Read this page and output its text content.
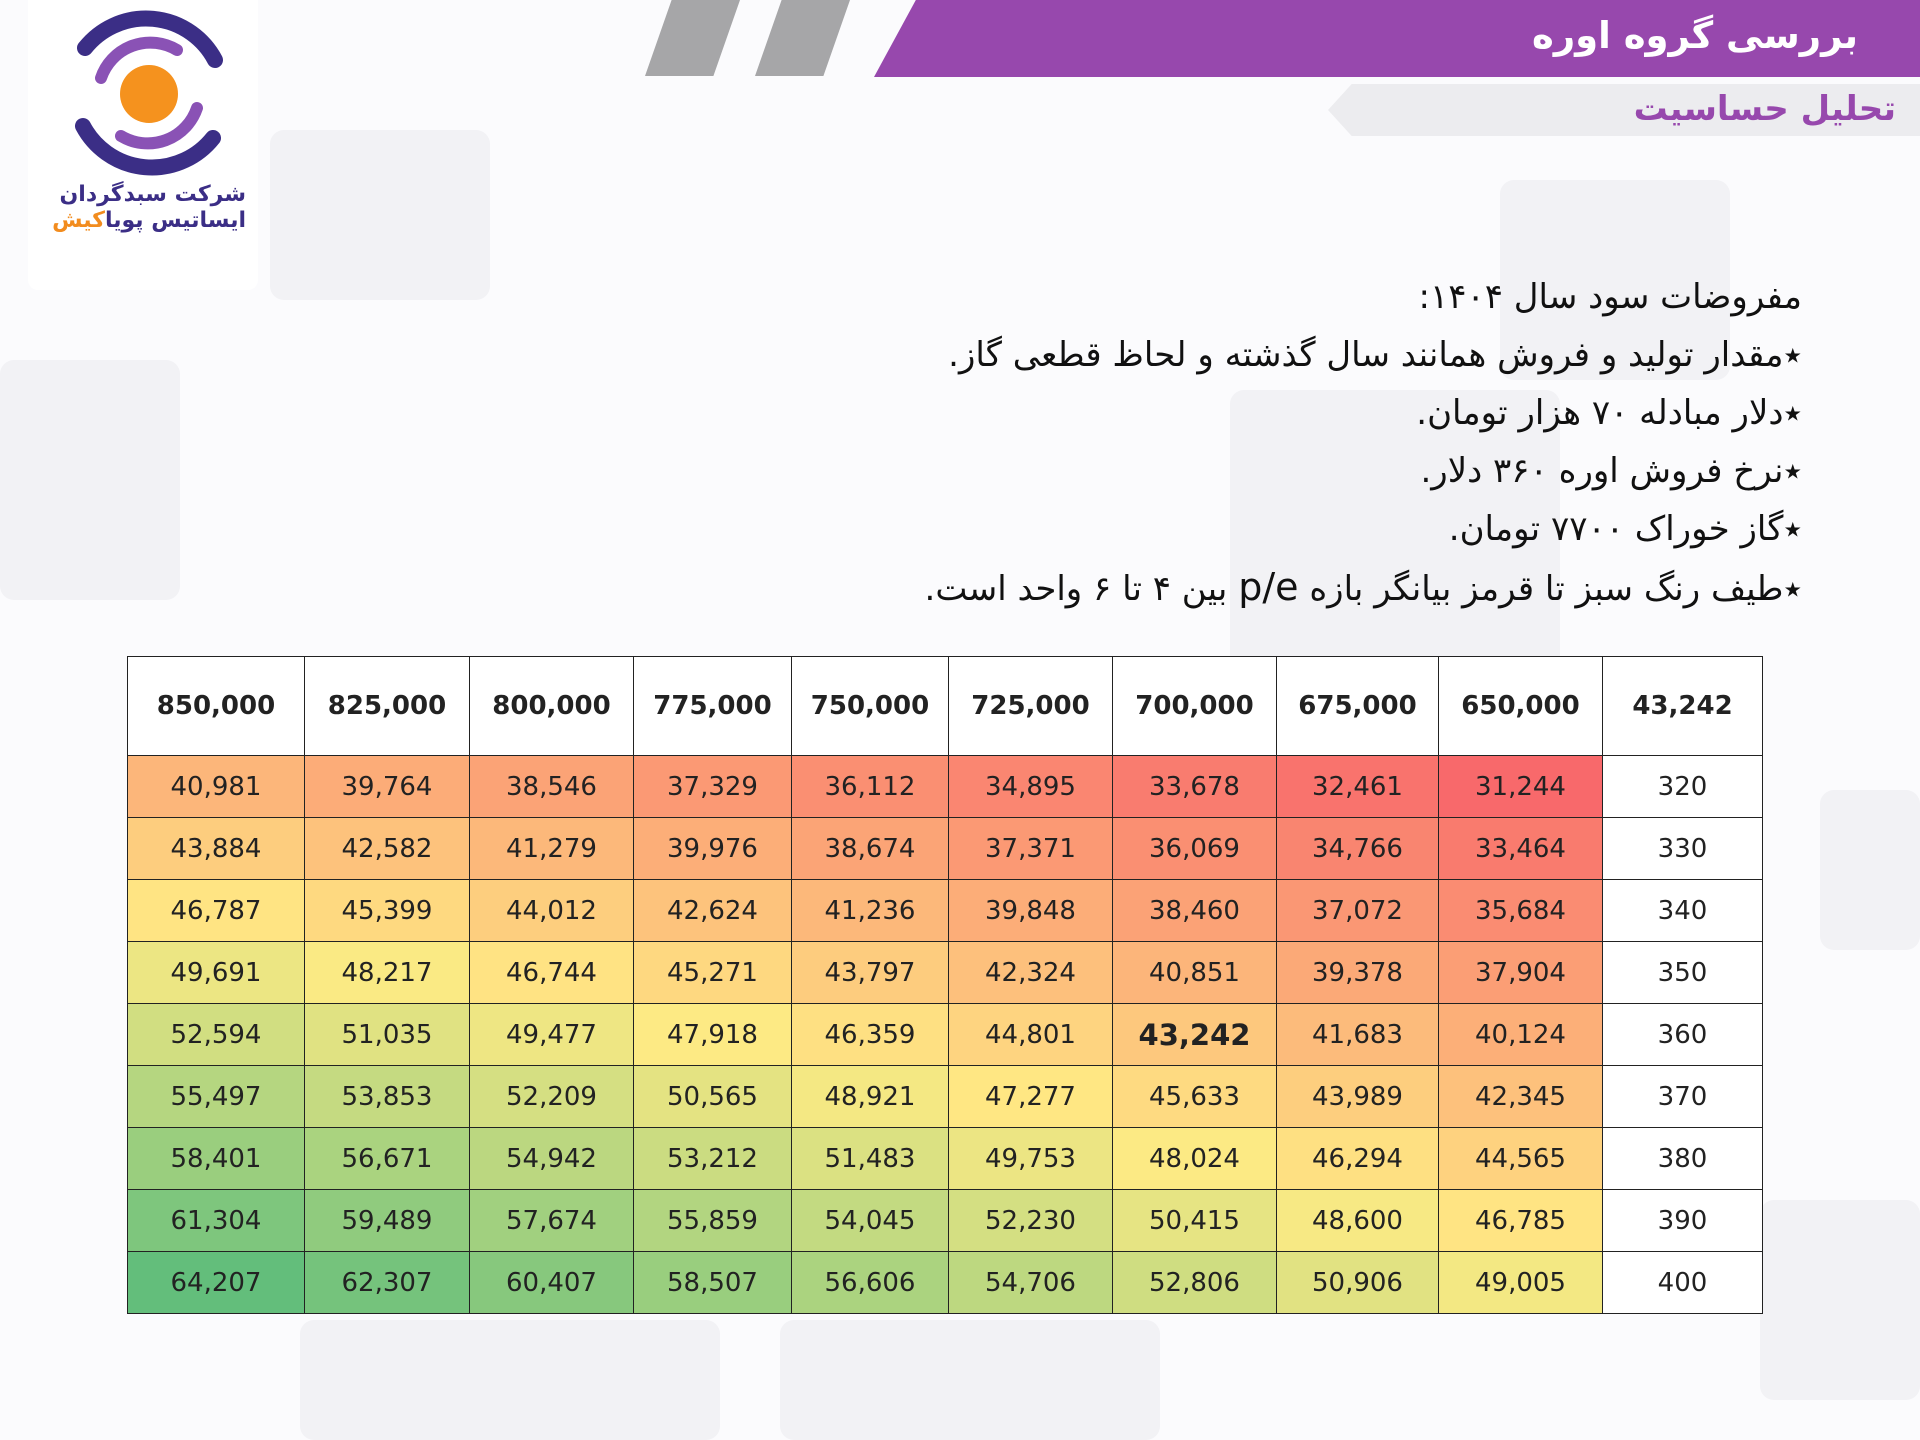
بررسی گروه اوره
تحلیل حساسیت
شرکت سبدگردان
ایساتیس پویاکیش
مفروضات سود سال ۱۴۰۴:
٭مقدار تولید و فروش همانند سال گذشته و لحاظ قطعی گاز.
٭دلار مبادله ۷۰ هزار تومان.
٭نرخ فروش اوره ۳۶۰ دلار.
٭گاز خوراک ۷۷۰۰ تومان.
٭طیف رنگ سبز تا قرمز بیانگر بازه p/e بین ۴ تا ۶ واحد است.
850,000	825,000	800,000	775,000	750,000	725,000	700,000	675,000	650,000	43,242
40,981	39,764	38,546	37,329	36,112	34,895	33,678	32,461	31,244	320
43,884	42,582	41,279	39,976	38,674	37,371	36,069	34,766	33,464	330
46,787	45,399	44,012	42,624	41,236	39,848	38,460	37,072	35,684	340
49,691	48,217	46,744	45,271	43,797	42,324	40,851	39,378	37,904	350
52,594	51,035	49,477	47,918	46,359	44,801	43,242	41,683	40,124	360
55,497	53,853	52,209	50,565	48,921	47,277	45,633	43,989	42,345	370
58,401	56,671	54,942	53,212	51,483	49,753	48,024	46,294	44,565	380
61,304	59,489	57,674	55,859	54,045	52,230	50,415	48,600	46,785	390
64,207	62,307	60,407	58,507	56,606	54,706	52,806	50,906	49,005	400
